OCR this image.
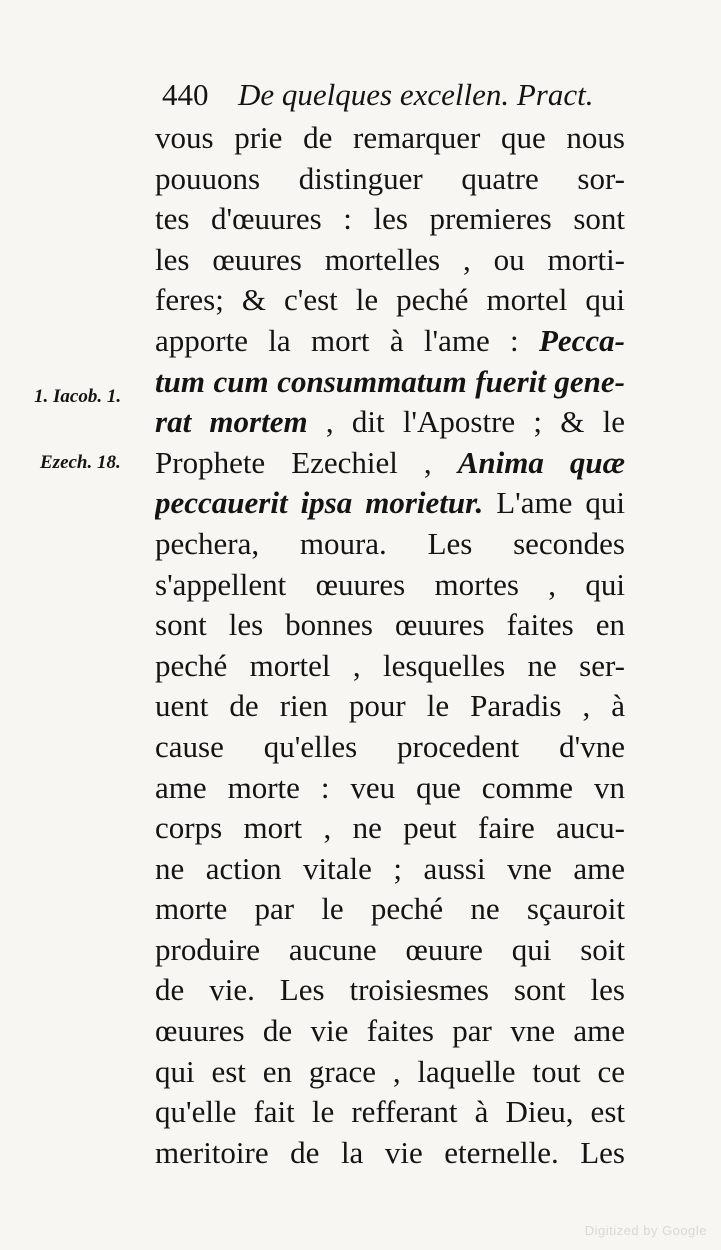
440 De quelques excellen. Pract.
1. Iacob. 1.
Ezech. 18.
vous prie de remarquer que nous
pouuons distinguer quatre sor-
tes d'œuures : les premieres sont
les œuures mortelles , ou morti-
feres; & c'est le peché mortel qui
apporte la mort à l'ame : Pecca-
tum cum consummatum fuerit gene-
rat mortem , dit l'Apostre ; & le
Prophete Ezechiel , Anima quæ
peccauerit ipsa morietur. L'ame qui
pechera, moura. Les secondes
s'appellent œuures mortes , qui
sont les bonnes œuures faites en
peché mortel , lesquelles ne ser-
uent de rien pour le Paradis , à
cause qu'elles procedent d'vne
ame morte : veu que comme vn
corps mort , ne peut faire aucu-
ne action vitale ; aussi vne ame
morte par le peché ne sçauroit
produire aucune œuure qui soit
de vie. Les troisiesmes sont les
œuures de vie faites par vne ame
qui est en grace , laquelle tout ce
qu'elle fait le refferant à Dieu, est
meritoire de la vie eternelle. Les
Digitized by Google
